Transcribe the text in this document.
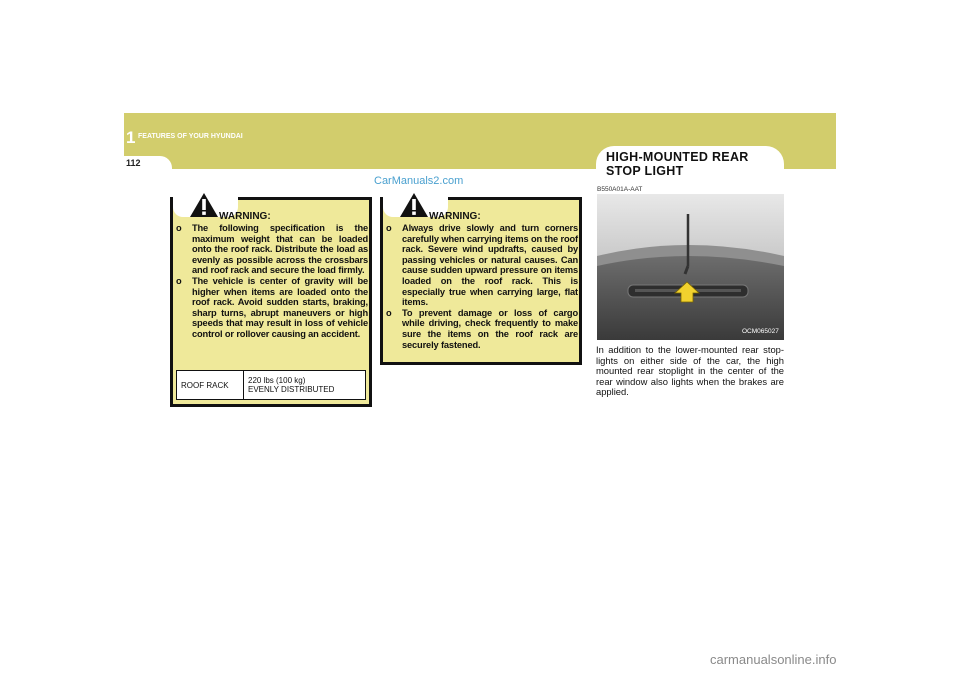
1 FEATURES OF YOUR HYUNDAI
112	HIGH-MOUNTED REAR STOP LIGHT
CarManuals2.com
WARNING:
o The following specification is the maximum weight that can be loaded onto the roof rack. Distribute the load as evenly as possible across the crossbars and roof rack and secure the load firmly.
o The vehicle is center of gravity will be higher when items are loaded onto the roof rack. Avoid sudden starts, braking, sharp turns, abrupt maneuvers or high speeds that may result in loss of vehicle control or rollover causing an accident.
ROOF RACK	220 lbs (100 kg)
EVENLY DISTRIBUTED
WARNING:
o Always drive slowly and turn corners carefully when carrying items on the roof rack. Severe wind updrafts, caused by passing vehicles or natural causes. Can cause sudden upward pressure on items loaded on the roof rack. This is especially true when carrying large, flat items.
o To prevent damage or loss of cargo while driving, check frequently to make sure the items on the roof rack are securely fastened.
B550A01A-AAT
OCM065027
In addition to the lower-mounted rear stop-lights on either side of the car, the high mounted rear stoplight in the center of the rear window also lights when the brakes are applied.
carmanualsonline.info
